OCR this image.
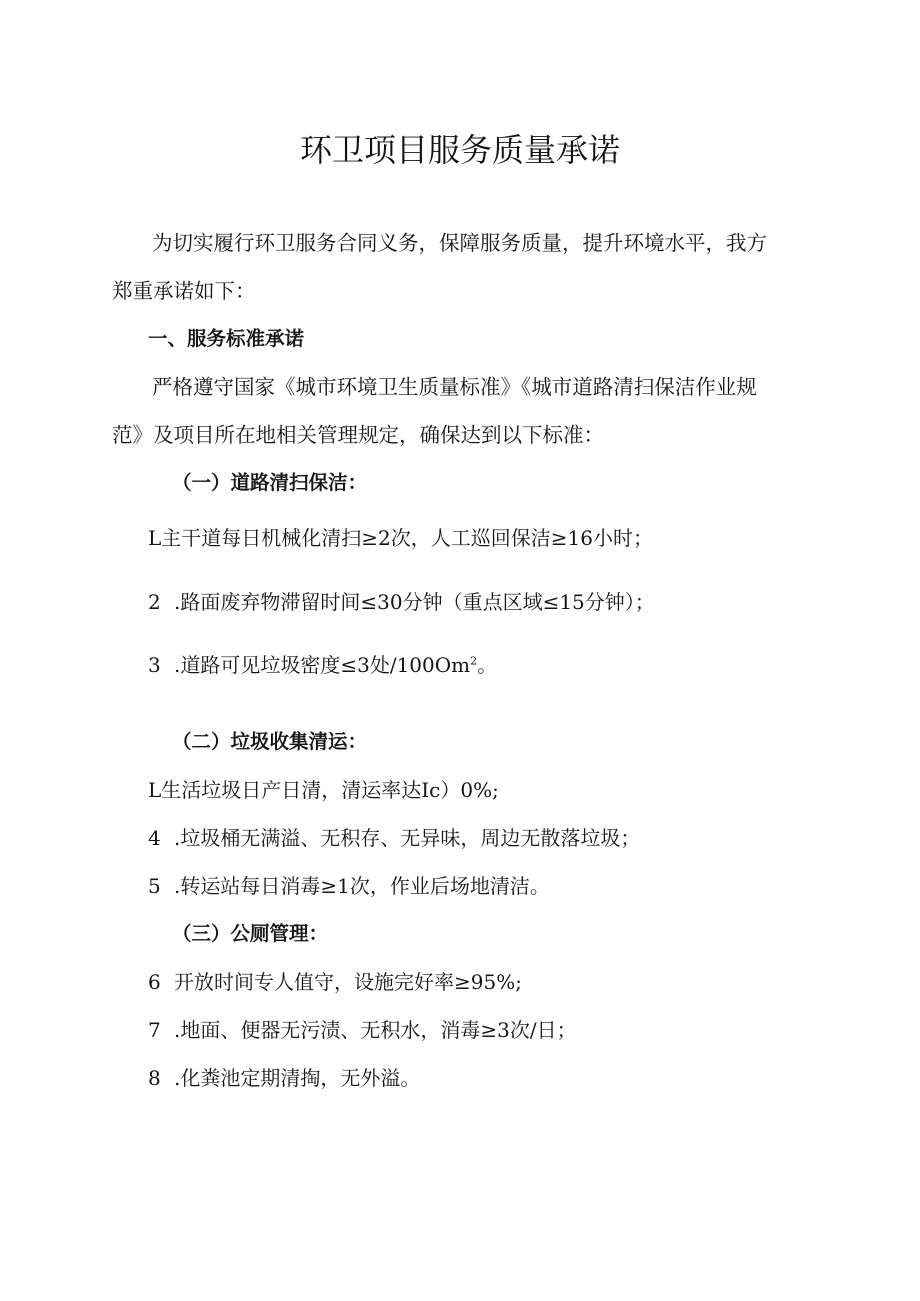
环卫项目服务质量承诺
为切实履行环卫服务合同义务，保障服务质量，提升环境水平，我方
郑重承诺如下：
一、服务标准承诺
严格遵守国家《城市环境卫生质量标准》《城市道路清扫保洁作业规
范》及项目所在地相关管理规定，确保达到以下标准：
（一）道路清扫保洁：
L主干道每日机械化清扫≥2次，人工巡回保洁≥16小时；
2 .路面废弃物滞留时间≤30分钟（重点区域≤15分钟）；
3 .道路可见垃圾密度≤3处/100Om$^2$。
（二）垃圾收集清运：
L生活垃圾日产日清，清运率达Ic）0%;
4 .垃圾桶无满溢、无积存、无异味，周边无散落垃圾；
5 .转运站每日消毒≥1次，作业后场地清洁。
（三）公厕管理：
6 开放时间专人值守，设施完好率≥95%;
7 .地面、便器无污渍、无积水，消毒≥3次/日；
8 .化粪池定期清掏，无外溢。
